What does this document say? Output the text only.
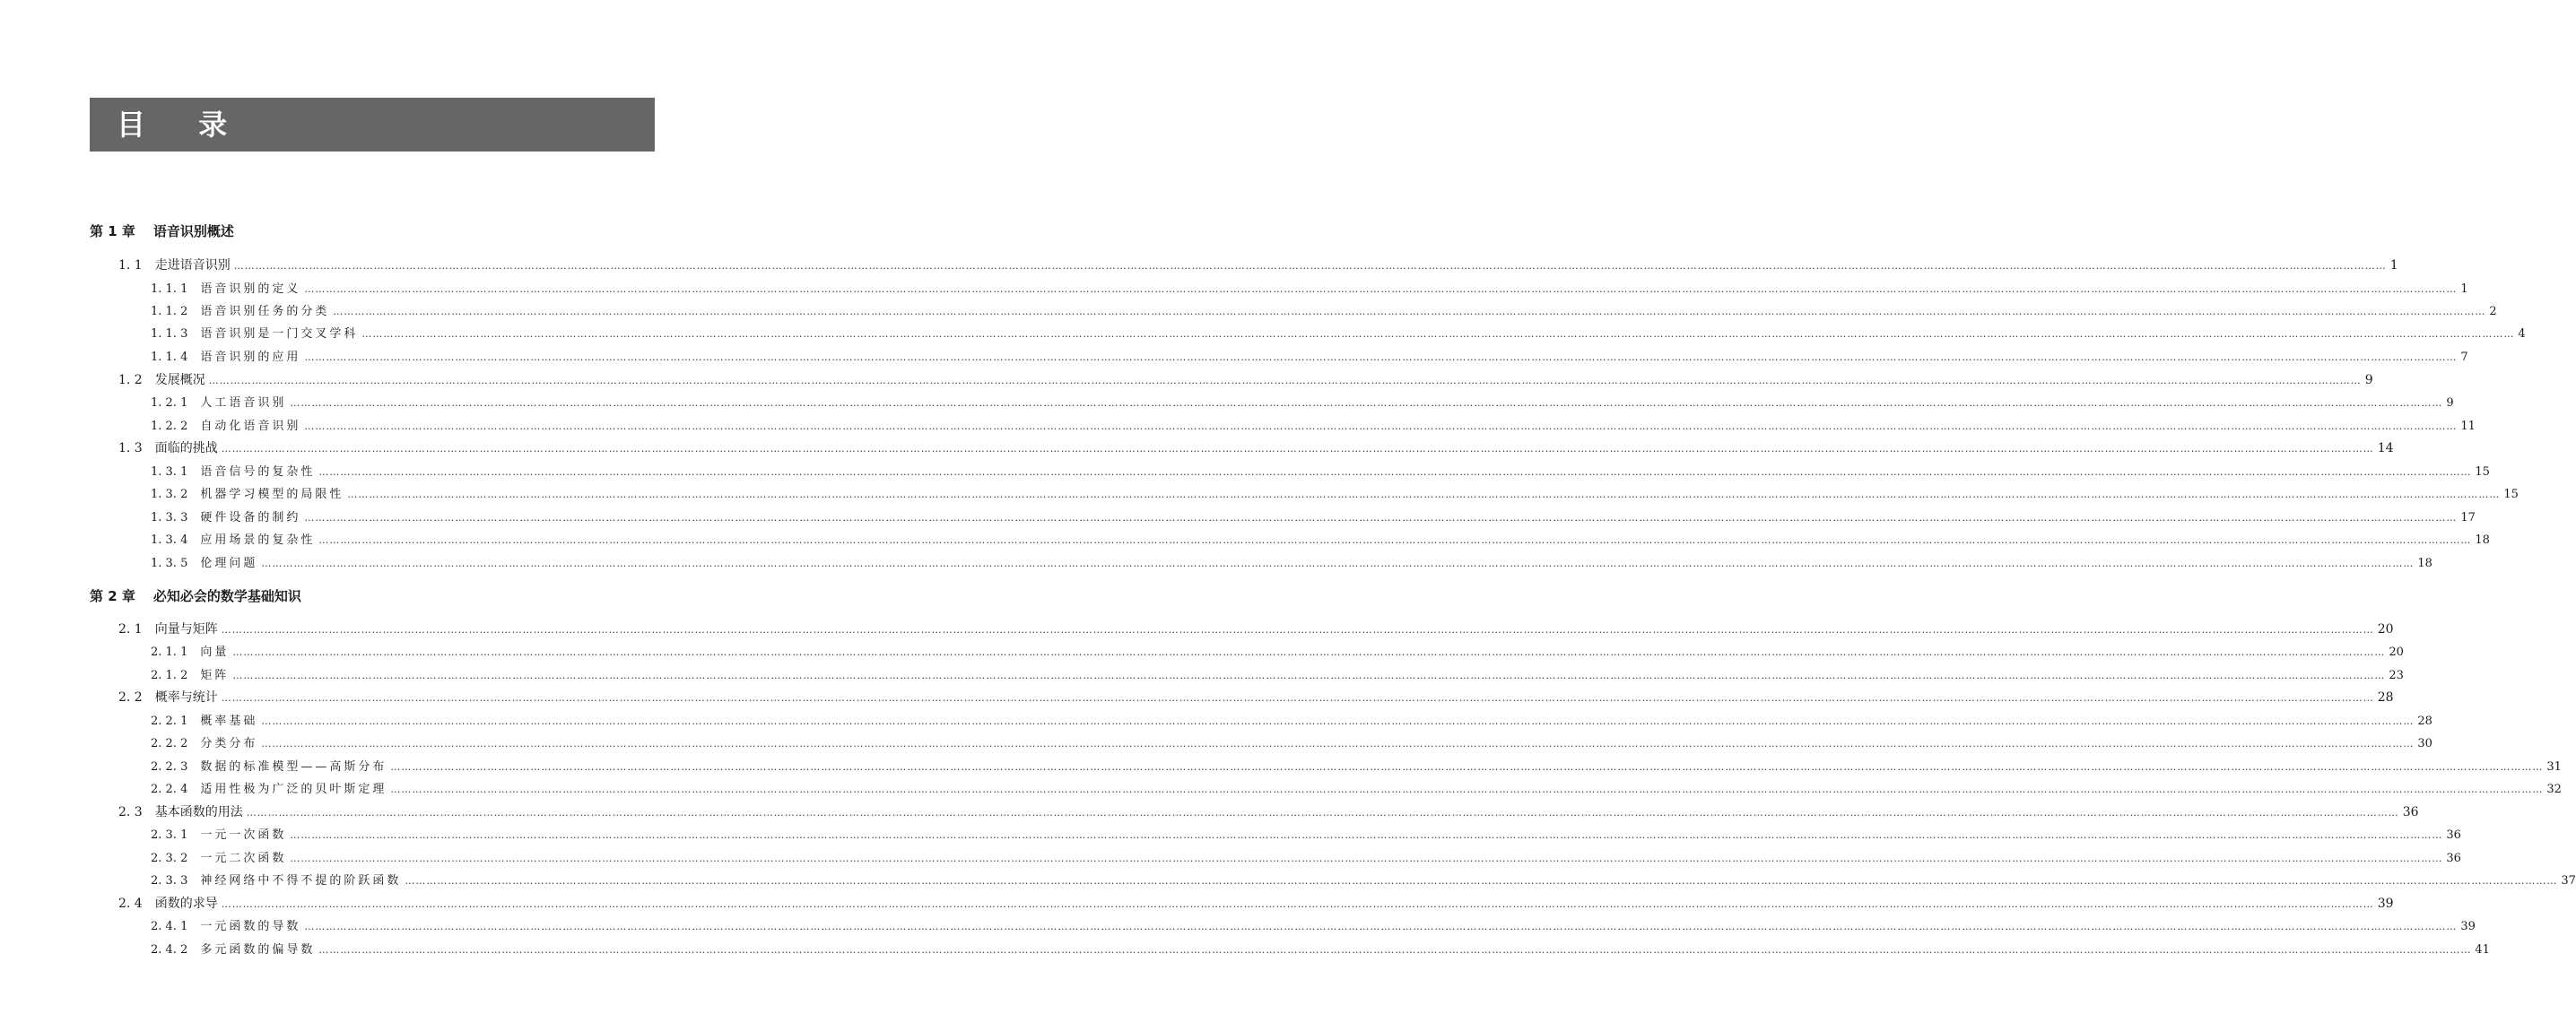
目 录
第 1 章	语音识别概述
1. 1	走进语音识别 …………………………………………………………………………………………………………………………………………………………………………………………………………………………………………………………………………………………………………………………………………………………………………………………………………………………………………………………………………………………………………………………………………………… 1
1. 1. 1	语音识别的定义 …………………………………………………………………………………………………………………………………………………………………………………………………………………………………………………………………………………………………………………………………………………………………………………………………………………………………………………………………………………………………………………………………………………… 1
1. 1. 2	语音识别任务的分类 …………………………………………………………………………………………………………………………………………………………………………………………………………………………………………………………………………………………………………………………………………………………………………………………………………………………………………………………………………………………………………………………………………………… 2
1. 1. 3	语音识别是一门交叉学科 …………………………………………………………………………………………………………………………………………………………………………………………………………………………………………………………………………………………………………………………………………………………………………………………………………………………………………………………………………………………………………………………………………………… 4
1. 1. 4	语音识别的应用 …………………………………………………………………………………………………………………………………………………………………………………………………………………………………………………………………………………………………………………………………………………………………………………………………………………………………………………………………………………………………………………………………………………… 7
1. 2	发展概况 …………………………………………………………………………………………………………………………………………………………………………………………………………………………………………………………………………………………………………………………………………………………………………………………………………………………………………………………………………………………………………………………………………………… 9
1. 2. 1	人工语音识别 …………………………………………………………………………………………………………………………………………………………………………………………………………………………………………………………………………………………………………………………………………………………………………………………………………………………………………………………………………………………………………………………………………………… 9
1. 2. 2	自动化语音识别 …………………………………………………………………………………………………………………………………………………………………………………………………………………………………………………………………………………………………………………………………………………………………………………………………………………………………………………………………………………………………………………………………………………… 11
1. 3	面临的挑战 …………………………………………………………………………………………………………………………………………………………………………………………………………………………………………………………………………………………………………………………………………………………………………………………………………………………………………………………………………………………………………………………………………………… 14
1. 3. 1	语音信号的复杂性 …………………………………………………………………………………………………………………………………………………………………………………………………………………………………………………………………………………………………………………………………………………………………………………………………………………………………………………………………………………………………………………………………………………… 15
1. 3. 2	机器学习模型的局限性 …………………………………………………………………………………………………………………………………………………………………………………………………………………………………………………………………………………………………………………………………………………………………………………………………………………………………………………………………………………………………………………………………………………… 15
1. 3. 3	硬件设备的制约 …………………………………………………………………………………………………………………………………………………………………………………………………………………………………………………………………………………………………………………………………………………………………………………………………………………………………………………………………………………………………………………………………………………… 17
1. 3. 4	应用场景的复杂性 …………………………………………………………………………………………………………………………………………………………………………………………………………………………………………………………………………………………………………………………………………………………………………………………………………………………………………………………………………………………………………………………………………………… 18
1. 3. 5	伦理问题 …………………………………………………………………………………………………………………………………………………………………………………………………………………………………………………………………………………………………………………………………………………………………………………………………………………………………………………………………………………………………………………………………………………… 18
第 2 章	必知必会的数学基础知识
2. 1	向量与矩阵 …………………………………………………………………………………………………………………………………………………………………………………………………………………………………………………………………………………………………………………………………………………………………………………………………………………………………………………………………………………………………………………………………………………… 20
2. 1. 1	向量 …………………………………………………………………………………………………………………………………………………………………………………………………………………………………………………………………………………………………………………………………………………………………………………………………………………………………………………………………………………………………………………………………………………… 20
2. 1. 2	矩阵 …………………………………………………………………………………………………………………………………………………………………………………………………………………………………………………………………………………………………………………………………………………………………………………………………………………………………………………………………………………………………………………………………………………… 23
2. 2	概率与统计 …………………………………………………………………………………………………………………………………………………………………………………………………………………………………………………………………………………………………………………………………………………………………………………………………………………………………………………………………………………………………………………………………………………… 28
2. 2. 1	概率基础 …………………………………………………………………………………………………………………………………………………………………………………………………………………………………………………………………………………………………………………………………………………………………………………………………………………………………………………………………………………………………………………………………………………… 28
2. 2. 2	分类分布 …………………………………………………………………………………………………………………………………………………………………………………………………………………………………………………………………………………………………………………………………………………………………………………………………………………………………………………………………………………………………………………………………………………… 30
2. 2. 3	数据的标准模型——高斯分布 …………………………………………………………………………………………………………………………………………………………………………………………………………………………………………………………………………………………………………………………………………………………………………………………………………………………………………………………………………………………………………………………………………………… 31
2. 2. 4	适用性极为广泛的贝叶斯定理 …………………………………………………………………………………………………………………………………………………………………………………………………………………………………………………………………………………………………………………………………………………………………………………………………………………………………………………………………………………………………………………………………………………… 32
2. 3	基本函数的用法 …………………………………………………………………………………………………………………………………………………………………………………………………………………………………………………………………………………………………………………………………………………………………………………………………………………………………………………………………………………………………………………………………………………… 36
2. 3. 1	一元一次函数 …………………………………………………………………………………………………………………………………………………………………………………………………………………………………………………………………………………………………………………………………………………………………………………………………………………………………………………………………………………………………………………………………………………… 36
2. 3. 2	一元二次函数 …………………………………………………………………………………………………………………………………………………………………………………………………………………………………………………………………………………………………………………………………………………………………………………………………………………………………………………………………………………………………………………………………………………… 36
2. 3. 3	神经网络中不得不提的阶跃函数 …………………………………………………………………………………………………………………………………………………………………………………………………………………………………………………………………………………………………………………………………………………………………………………………………………………………………………………………………………………………………………………………………………………… 37
2. 4	函数的求导 …………………………………………………………………………………………………………………………………………………………………………………………………………………………………………………………………………………………………………………………………………………………………………………………………………………………………………………………………………………………………………………………………………………… 39
2. 4. 1	一元函数的导数 …………………………………………………………………………………………………………………………………………………………………………………………………………………………………………………………………………………………………………………………………………………………………………………………………………………………………………………………………………………………………………………………………………………… 39
2. 4. 2	多元函数的偏导数 …………………………………………………………………………………………………………………………………………………………………………………………………………………………………………………………………………………………………………………………………………………………………………………………………………………………………………………………………………………………………………………………………………………… 41
